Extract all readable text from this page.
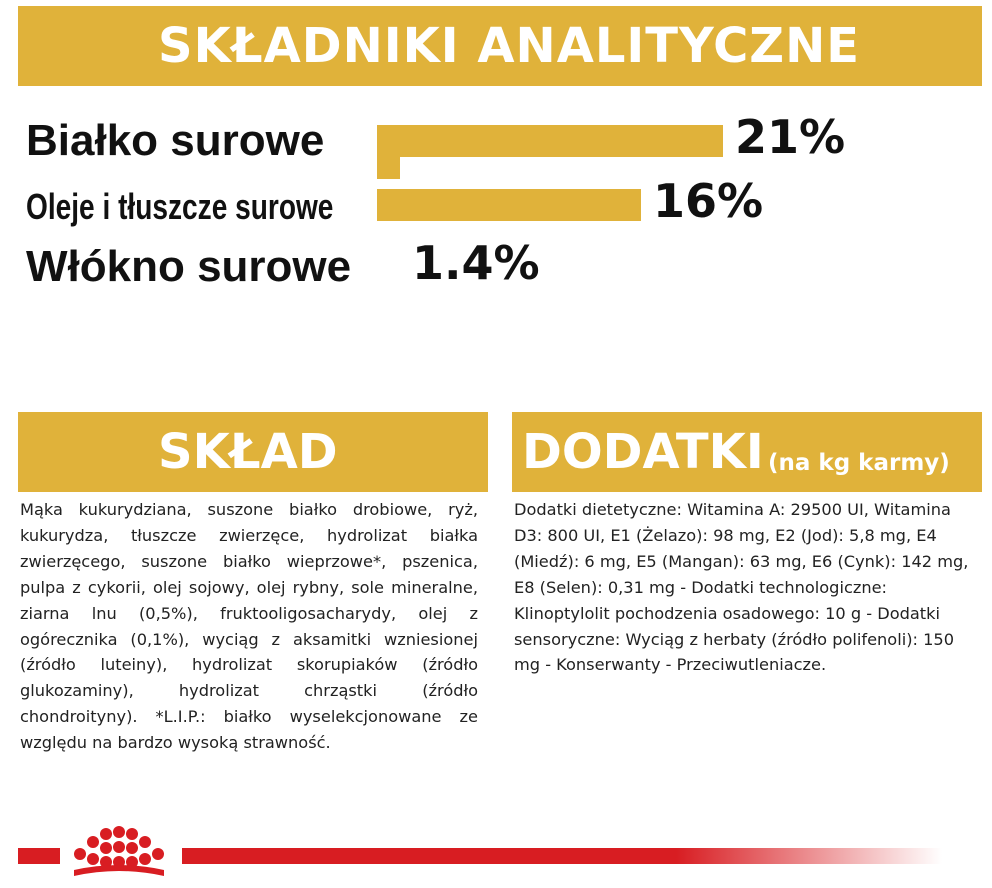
SKŁADNIKI ANALITYCZNE
Białko surowe	21%
Oleje i tłuszcze surowe	16%
Włókno surowe 1.4%
SKŁAD
Mąka kukurydziana, suszone białko drobiowe, ryż, kukurydza, tłuszcze zwierzęce, hydrolizat białka zwierzęcego, suszone białko wieprzowe*, pszenica, pulpa z cykorii, olej sojowy, olej rybny, sole mineralne, ziarna lnu (0,5%), fruktooligosacharydy, olej z ogórecznika (0,1%), wyciąg z aksamitki wzniesionej (źródło luteiny), hydrolizat skorupiaków (źródło glukozaminy), hydrolizat chrząstki (źródło chondroityny). *L.I.P.: białko wyselekcjonowane ze względu na bardzo wysoką strawność.
DODATKI (na kg karmy)
Dodatki dietetyczne: Witamina A: 29500 UI, Witamina D3: 800 UI, E1 (Żelazo): 98 mg, E2 (Jod): 5,8 mg, E4 (Miedź): 6 mg, E5 (Mangan): 63 mg, E6 (Cynk): 142 mg, E8 (Selen): 0,31 mg - Dodatki technologiczne: Klinoptylolit pochodzenia osadowego: 10 g - Dodatki sensoryczne: Wyciąg z herbaty (źródło polifenoli): 150 mg - Konserwanty - Przeciwutleniacze.
